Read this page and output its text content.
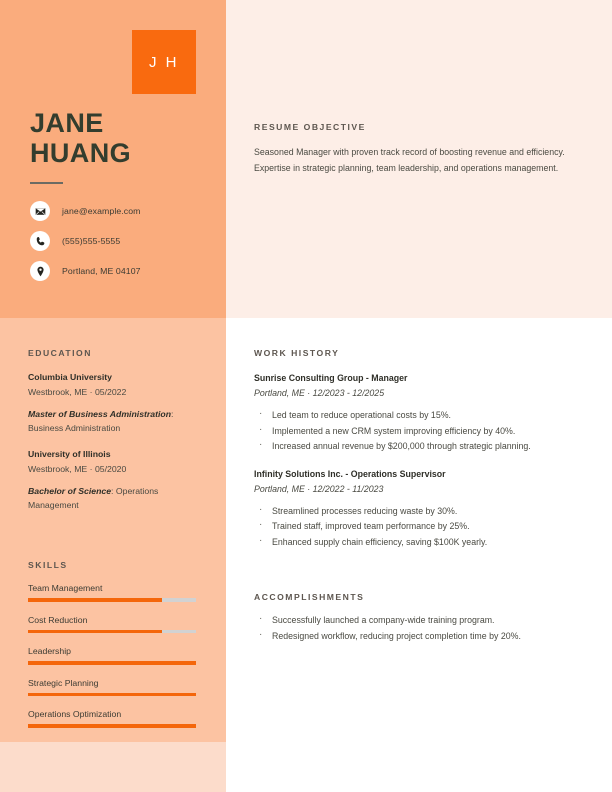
J H
JANE
HUANG
jane@example.com
(555)555-5555
Portland, ME 04107
RESUME OBJECTIVE
Seasoned Manager with proven track record of boosting revenue and efficiency. Expertise in strategic planning, team leadership, and operations management.
EDUCATION
Columbia University
Westbrook, ME · 05/2022
Master of Business Administration: Business Administration
University of Illinois
Westbrook, ME · 05/2020
Bachelor of Science: Operations Management
SKILLS
Team Management
Cost Reduction
Leadership
Strategic Planning
Operations Optimization
WORK HISTORY
Sunrise Consulting Group - Manager
Portland, ME · 12/2023 - 12/2025
· Led team to reduce operational costs by 15%.
· Implemented a new CRM system improving efficiency by 40%.
· Increased annual revenue by $200,000 through strategic planning.
Infinity Solutions Inc. - Operations Supervisor
Portland, ME · 12/2022 - 11/2023
· Streamlined processes reducing waste by 30%.
· Trained staff, improved team performance by 25%.
· Enhanced supply chain efficiency, saving $100K yearly.
ACCOMPLISHMENTS
· Successfully launched a company-wide training program.
· Redesigned workflow, reducing project completion time by 20%.
